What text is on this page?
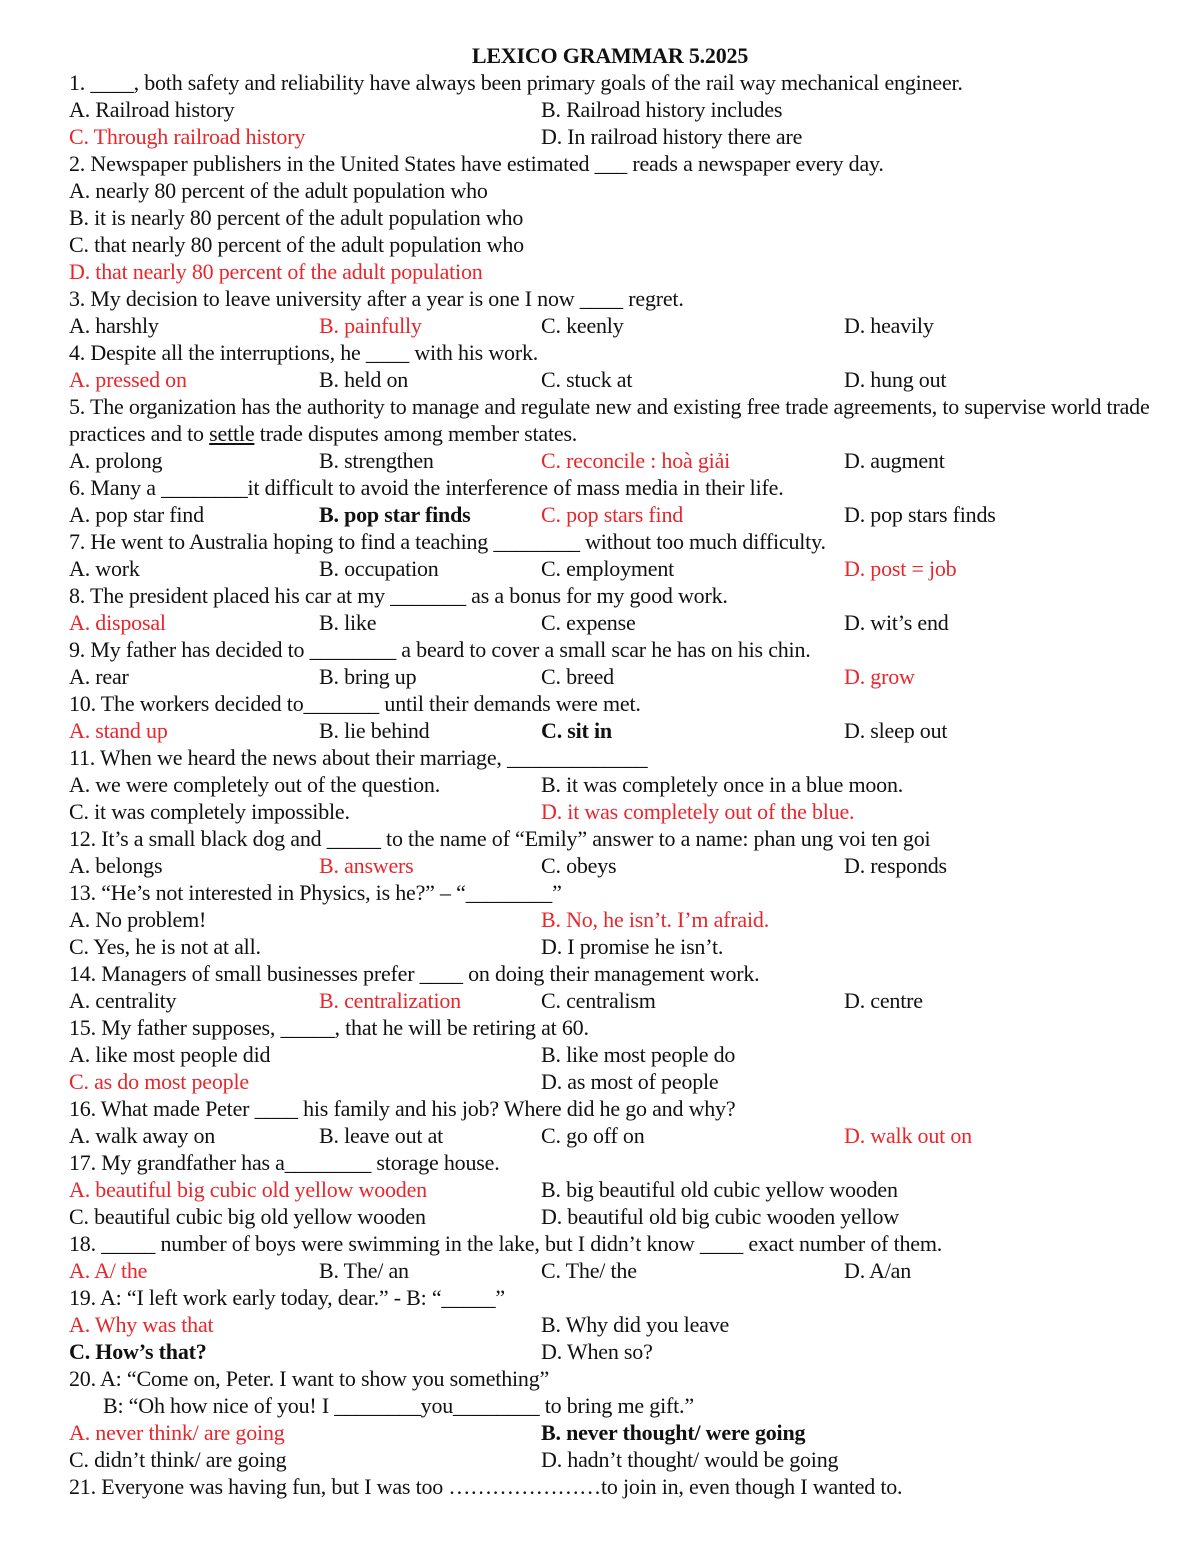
LEXICO GRAMMAR 5.2025
1. ____, both safety and reliability have always been primary goals of the rail way mechanical engineer.
A. Railroad history	B. Railroad history includes
C. Through railroad history	D. In railroad history there are
2. Newspaper publishers in the United States have estimated ___ reads a newspaper every day.
A. nearly 80 percent of the adult population who
B. it is nearly 80 percent of the adult population who
C. that nearly 80 percent of the adult population who
D. that nearly 80 percent of the adult population
3. My decision to leave university after a year is one I now ____ regret.
A. harshly	B. painfully	C. keenly	D. heavily
4. Despite all the interruptions, he ____ with his work.
A. pressed on	B. held on	C. stuck at	D. hung out
5. The organization has the authority to manage and regulate new and existing free trade agreements, to supervise world trade practices and to settle trade disputes among member states.
A. prolong	B. strengthen	C. reconcile : hoà giải	D. augment
6. Many a ________it difficult to avoid the interference of mass media in their life.
A. pop star find	B. pop star finds	C. pop stars find	D. pop stars finds
7. He went to Australia hoping to find a teaching ________ without too much difficulty.
A. work	B. occupation	C. employment	D. post = job
8. The president placed his car at my _______ as a bonus for my good work.
A. disposal	B. like	C. expense	D. wit’s end
9. My father has decided to ________ a beard to cover a small scar he has on his chin.
A. rear	B. bring up	C. breed	D. grow
10. The workers decided to_______ until their demands were met.
A. stand up	B. lie behind	C. sit in	D. sleep out
11. When we heard the news about their marriage, _____________
A. we were completely out of the question.	B. it was completely once in a blue moon.
C. it was completely impossible.	D. it was completely out of the blue.
12. It’s a small black dog and _____ to the name of “Emily” answer to a name: phan ung voi ten goi
A. belongs	B. answers	C. obeys	D. responds
13. “He’s not interested in Physics, is he?” – “________”
A. No problem!	B. No, he isn’t. I’m afraid.
C. Yes, he is not at all.	D. I promise he isn’t.
14. Managers of small businesses prefer ____ on doing their management work.
A. centrality	B. centralization	C. centralism	D. centre
15. My father supposes, _____, that he will be retiring at 60.
A. like most people did	B. like most people do
C. as do most people	D. as most of people
16. What made Peter ____ his family and his job? Where did he go and why?
A. walk away on	B. leave out at	C. go off on	D. walk out on
17. My grandfather has a________ storage house.
A. beautiful big cubic old yellow wooden	B. big beautiful old cubic yellow wooden
C. beautiful cubic big old yellow wooden	D. beautiful old big cubic wooden yellow
18. _____ number of boys were swimming in the lake, but I didn’t know ____ exact number of them.
A. A/ the	B. The/ an	C. The/ the	D. A/an
19. A: “I left work early today, dear.” - B: “_____”
A. Why was that	B. Why did you leave
C. How’s that?	D. When so?
20. A: “Come on, Peter. I want to show you something”
B: “Oh how nice of you! I ________you________ to bring me gift.”
A. never think/ are going	B. never thought/ were going
C. didn’t think/ are going	D. hadn’t thought/ would be going
21. Everyone was having fun, but I was too …………………to join in, even though I wanted to.
